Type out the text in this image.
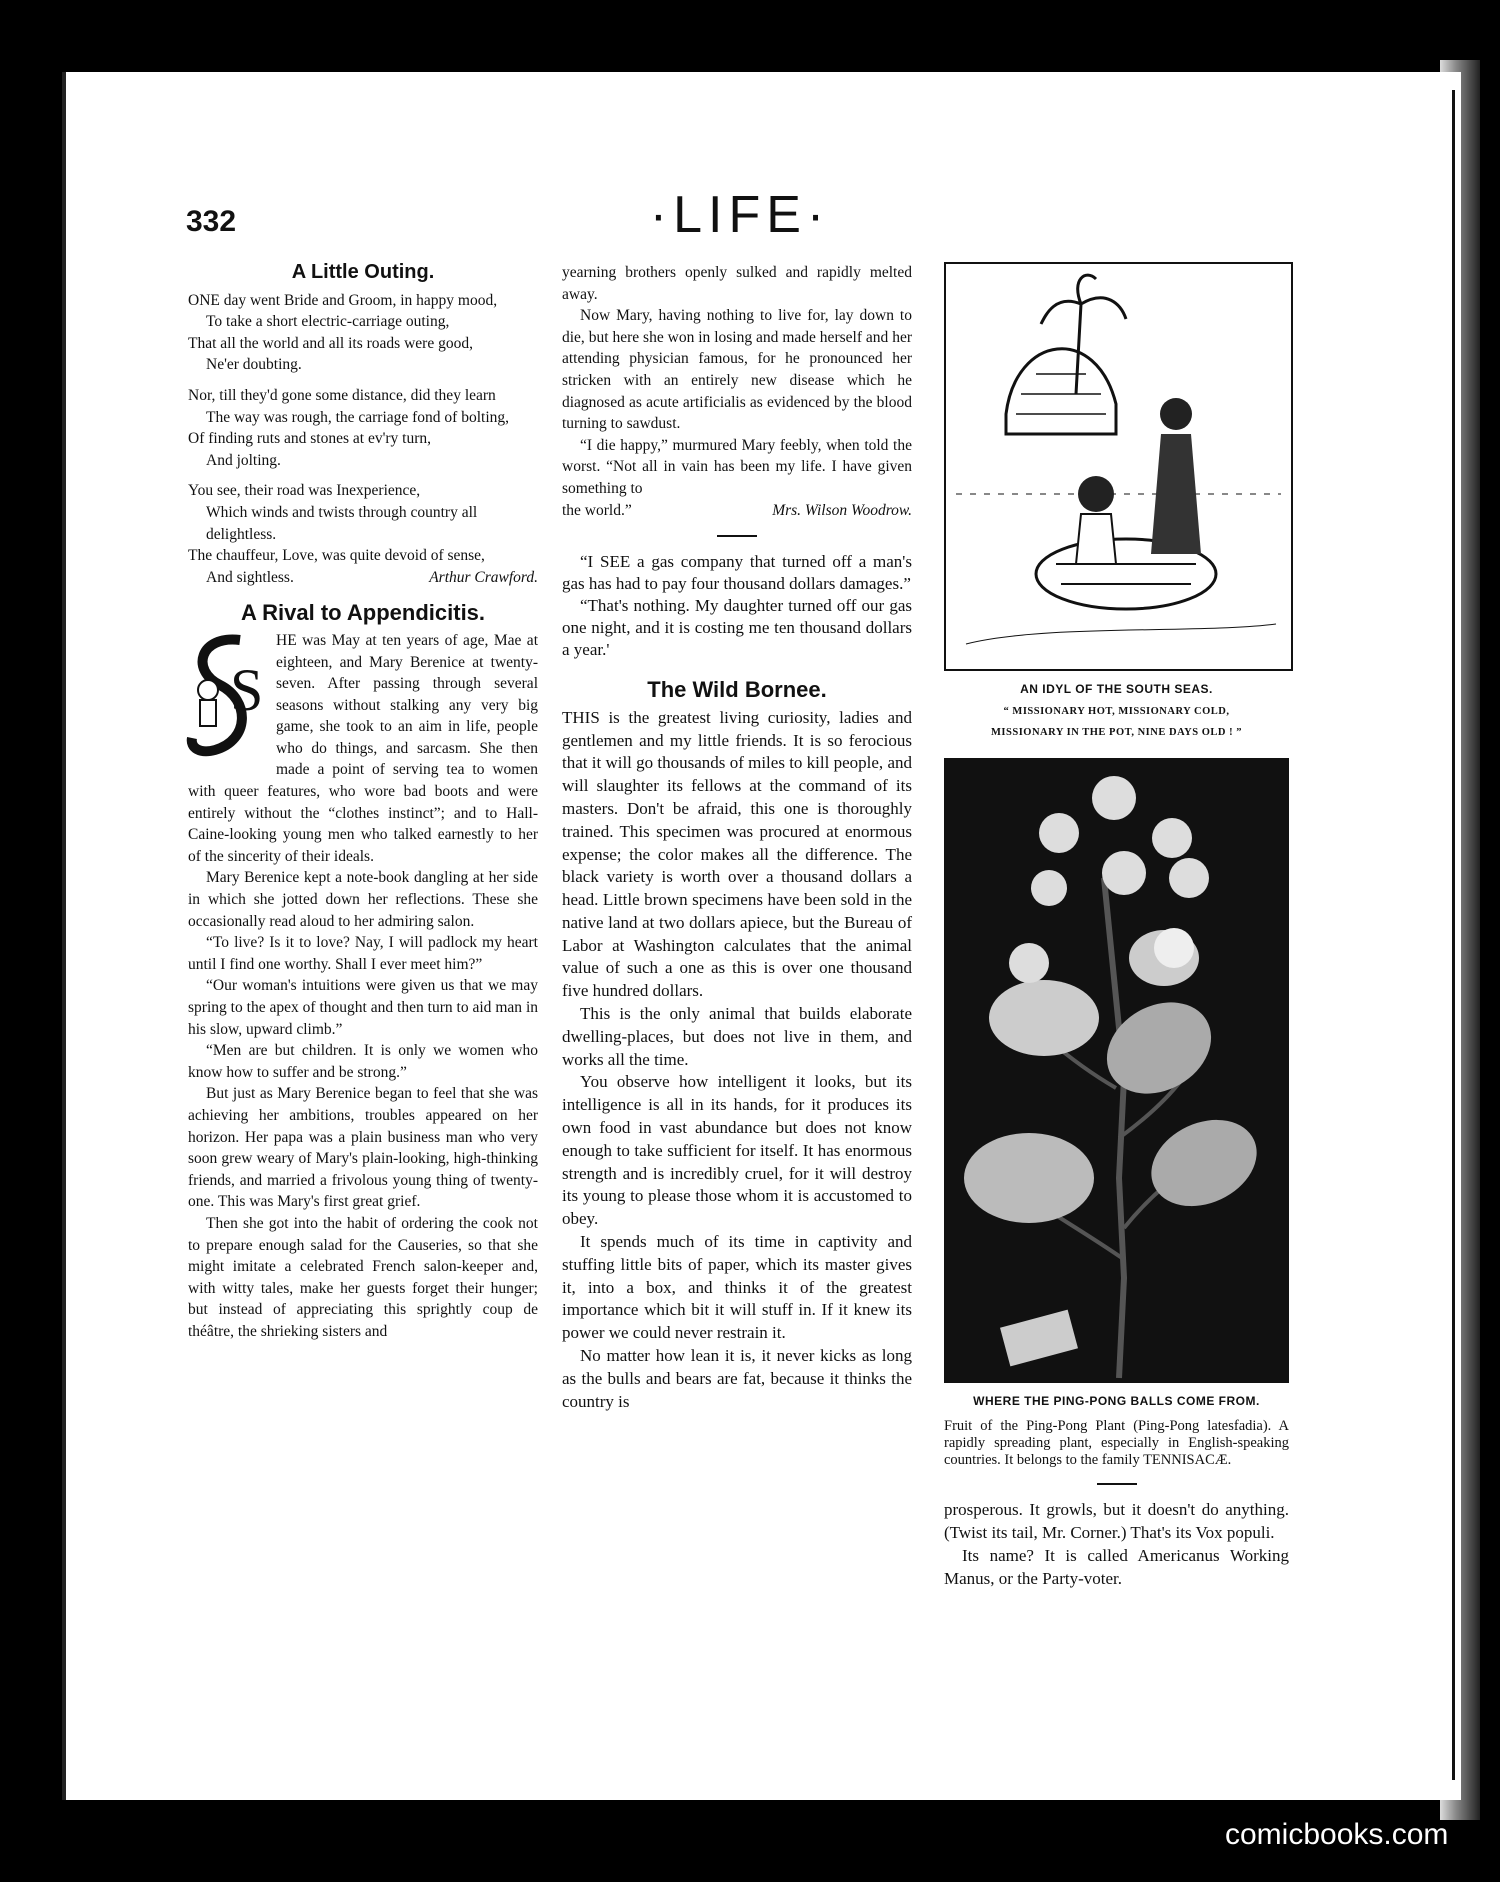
332	·LIFE·
A Little Outing.
ONE day went Bride and Groom, in happy mood,
To take a short electric-carriage outing,
That all the world and all its roads were good,
Ne'er doubting.
Nor, till they'd gone some distance, did they learn
The way was rough, the carriage fond of bolting,
Of finding ruts and stones at ev'ry turn,
And jolting.
You see, their road was Inexperience,
Which winds and twists through country all delightless.
The chauffeur, Love, was quite devoid of sense,
And sightless.	Arthur Crawford.
A Rival to Appendicitis.
S

HE was May at ten years of age, Mae at eighteen, and Mary Berenice at twenty-seven. After passing through several seasons without stalking any very big game, she took to an aim in life, people who do things, and sarcasm. She then made a point of serving tea to women with queer features, who wore bad boots and were entirely without the “clothes instinct”; and to Hall-Caine-looking young men who talked earnestly to her of the sincerity of their ideals.

Mary Berenice kept a note-book dangling at her side in which she jotted down her reflections. These she occasionally read aloud to her admiring salon.

“To live? Is it to love? Nay, I will padlock my heart until I find one worthy. Shall I ever meet him?”

“Our woman's intuitions were given us that we may spring to the apex of thought and then turn to aid man in his slow, upward climb.”

“Men are but children. It is only we women who know how to suffer and be strong.”

But just as Mary Berenice began to feel that she was achieving her ambitions, troubles appeared on her horizon. Her papa was a plain business man who very soon grew weary of Mary's plain-looking, high-thinking friends, and married a frivolous young thing of twenty-one. This was Mary's first great grief.

Then she got into the habit of ordering the cook not to prepare enough salad for the Causeries, so that she might imitate a celebrated French salon-keeper and, with witty tales, make her guests forget their hunger; but instead of appreciating this sprightly coup de théâtre, the shrieking sisters and

yearning brothers openly sulked and rapidly melted away.

Now Mary, having nothing to live for, lay down to die, but here she won in losing and made herself and her attending physician famous, for he pronounced her stricken with an entirely new disease which he diagnosed as acute artificialis as evidenced by the blood turning to sawdust.

“I die happy,” murmured Mary feebly, when told the worst. “Not all in vain has been my life. I have given something to

the world.”	Mrs. Wilson Woodrow.

“I SEE a gas company that turned off a man's gas has had to pay four thousand dollars damages.”

“That's nothing. My daughter turned off our gas one night, and it is costing me ten thousand dollars a year.'

The Wild Bornee.

THIS is the greatest living curiosity, ladies and gentlemen and my little friends. It is so ferocious that it will go thousands of miles to kill people, and will slaughter its fellows at the command of its masters. Don't be afraid, this one is thoroughly trained. This specimen was procured at enormous expense; the color makes all the difference. The black variety is worth over a thousand dollars a head. Little brown specimens have been sold in the native land at two dollars apiece, but the Bureau of Labor at Washington calculates that the animal value of such a one as this is over one thousand five hundred dollars.

This is the only animal that builds elaborate dwelling-places, but does not live in them, and works all the time.

You observe how intelligent it looks, but its intelligence is all in its hands, for it produces its own food in vast abundance but does not know enough to take sufficient for itself. It has enormous strength and is incredibly cruel, for it will destroy its young to please those whom it is accustomed to obey.

It spends much of its time in captivity and stuffing little bits of paper, which its master gives it, into a box, and thinks it of the greatest importance which bit it will stuff in. If it knew its power we could never restrain it.

No matter how lean it is, it never kicks as long as the bulls and bears are fat, because it thinks the country is

AN IDYL OF THE SOUTH SEAS.
“ MISSIONARY HOT, MISSIONARY COLD,
MISSIONARY IN THE POT, NINE DAYS OLD ! ”
WHERE THE PING-PONG BALLS COME FROM.
Fruit of the Ping-Pong Plant (Ping-Pong latesfadia). A rapidly spreading plant, especially in English-speaking countries. It belongs to the family TENNISACÆ.

prosperous. It growls, but it doesn't do anything. (Twist its tail, Mr. Corner.) That's its Vox populi.

Its name? It is called Americanus Working Manus, or the Party-voter.

comicbooks.com
